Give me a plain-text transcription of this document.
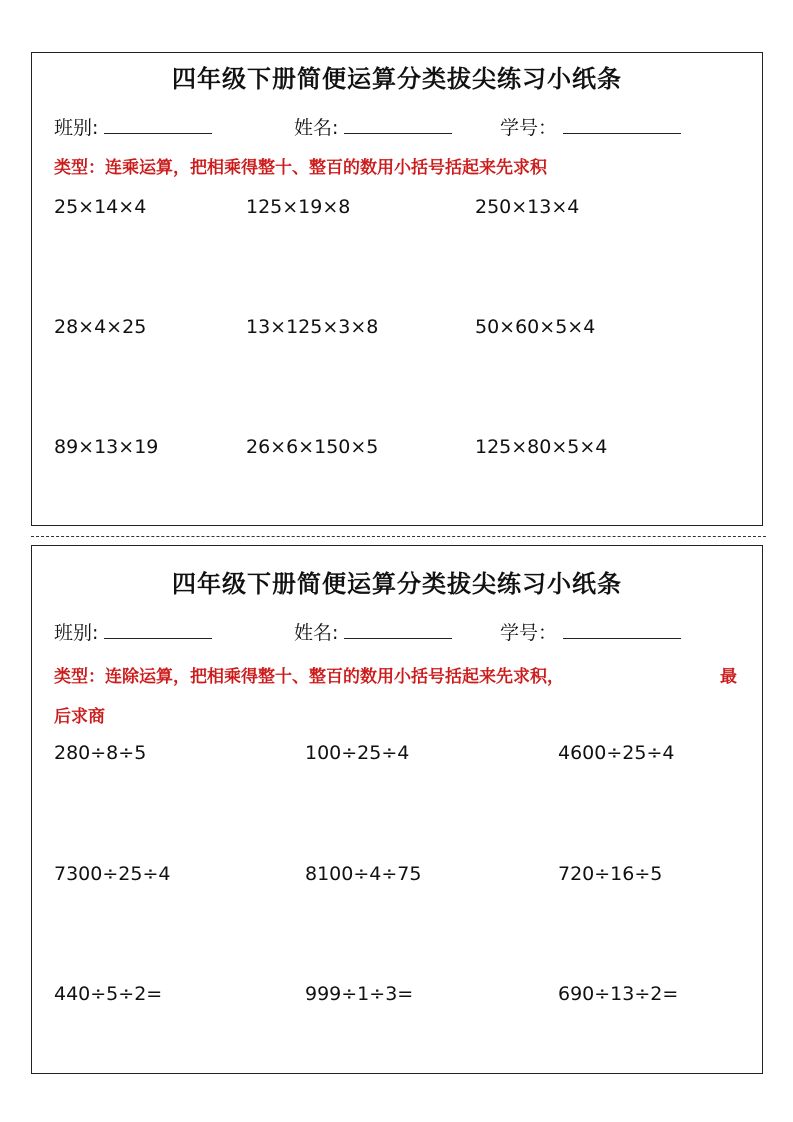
四年级下册简便运算分类拔尖练习小纸条
班别:	姓名:	学号：
类型：连乘运算，把相乘得整十、整百的数用小括号括起来先求积
25×14×4	125×19×8	250×13×4
28×4×25	13×125×3×8	50×60×5×4
89×13×19	26×6×150×5	125×80×5×4
四年级下册简便运算分类拔尖练习小纸条
班别:	姓名:	学号：
类型：连除运算，把相乘得整十、整百的数用小括号括起来先求积，	最
后求商
280÷8÷5	100÷25÷4	4600÷25÷4
7300÷25÷4	8100÷4÷75	720÷16÷5
440÷5÷2=	999÷1÷3=	690÷13÷2=
